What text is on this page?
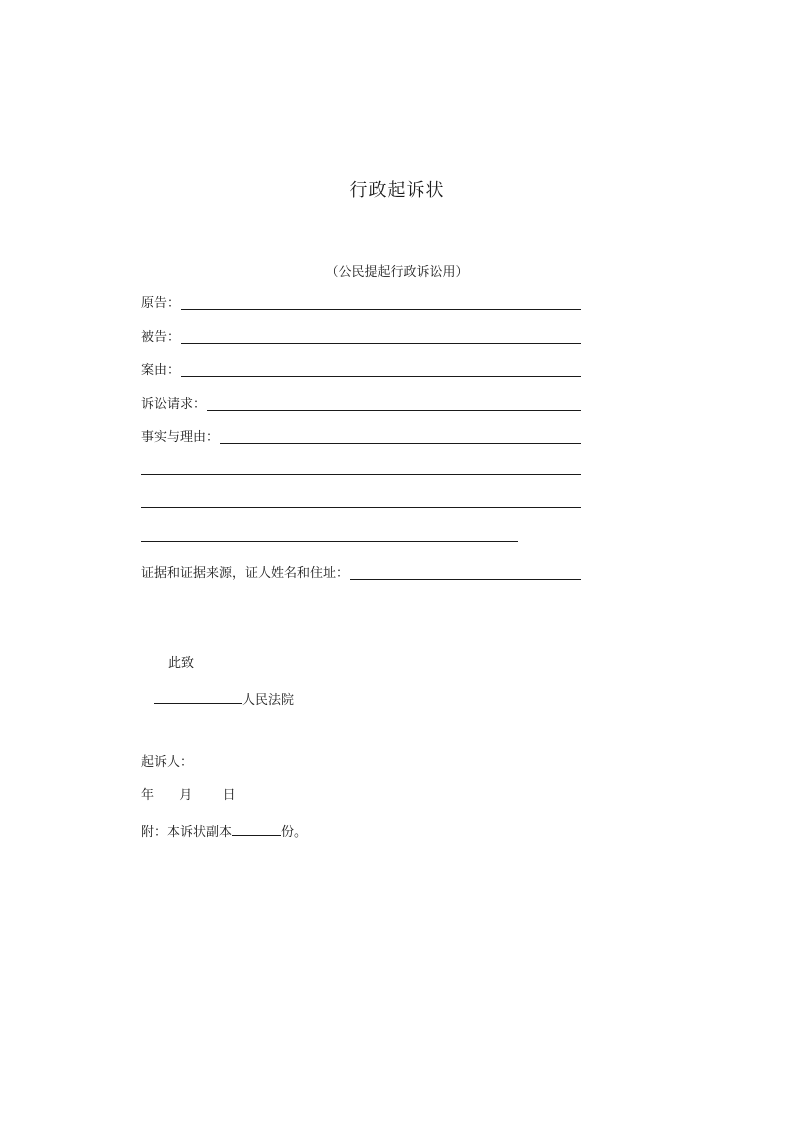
行政起诉状
（公民提起行政诉讼用）
原告：
被告：
案由：
诉讼请求：
事实与理由：
证据和证据来源，证人姓名和住址：
此致
人民法院
起诉人：
年 月 日
附：本诉状副本	份。
